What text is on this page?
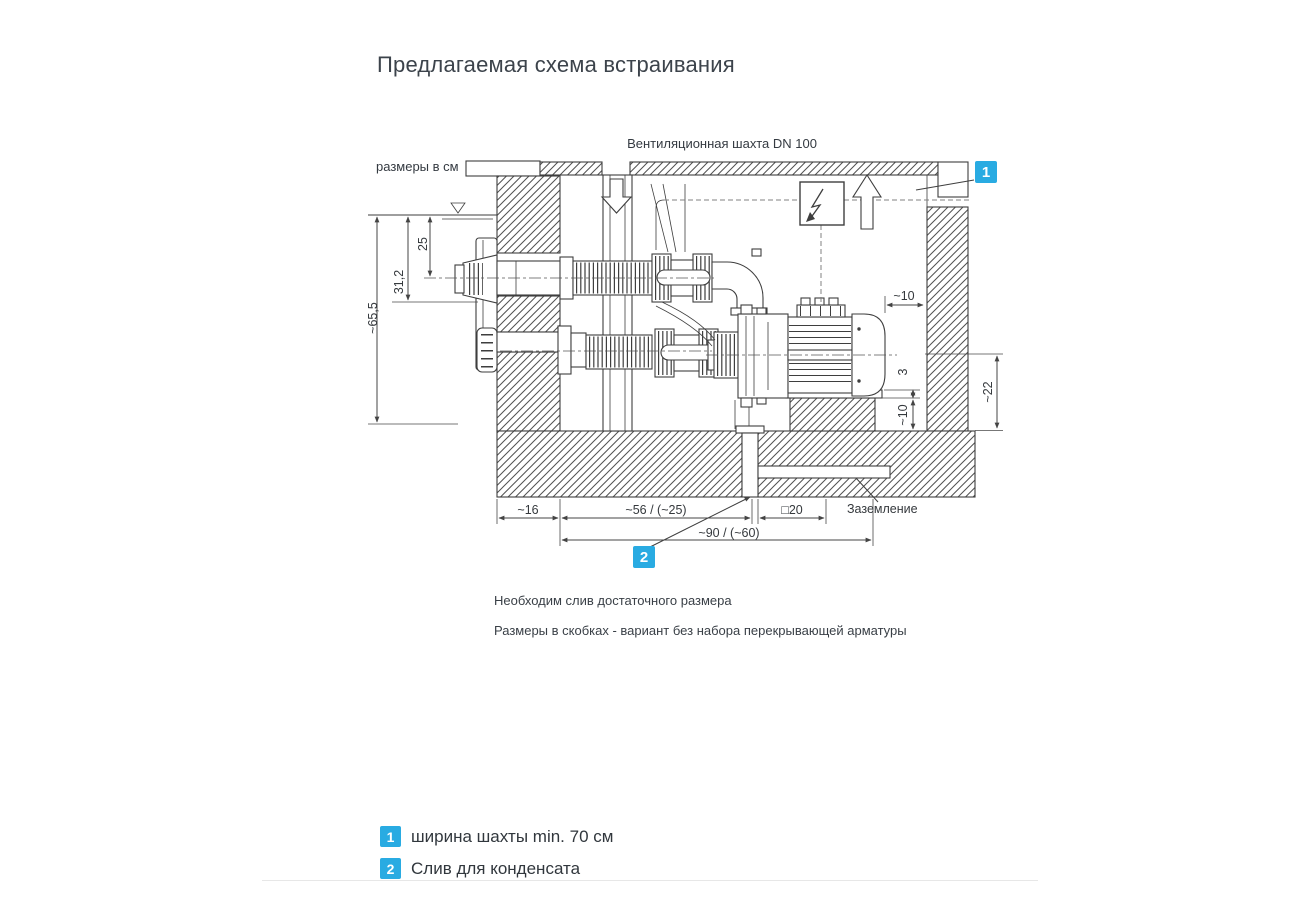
Предлагаемая схема встраивания
Вентиляционная шахта DN 100
размеры в см
~65,5
31,2
25
~10
3
~10
~22
~16	~56 / (~25)	□20
~90 / (~60)
Заземление
1
2
Необходим слив достаточного размера
Размеры в скобках - вариант без набора перекрывающей арматуры
1 ширина шахты min. 70 см
2 Слив для конденсата
